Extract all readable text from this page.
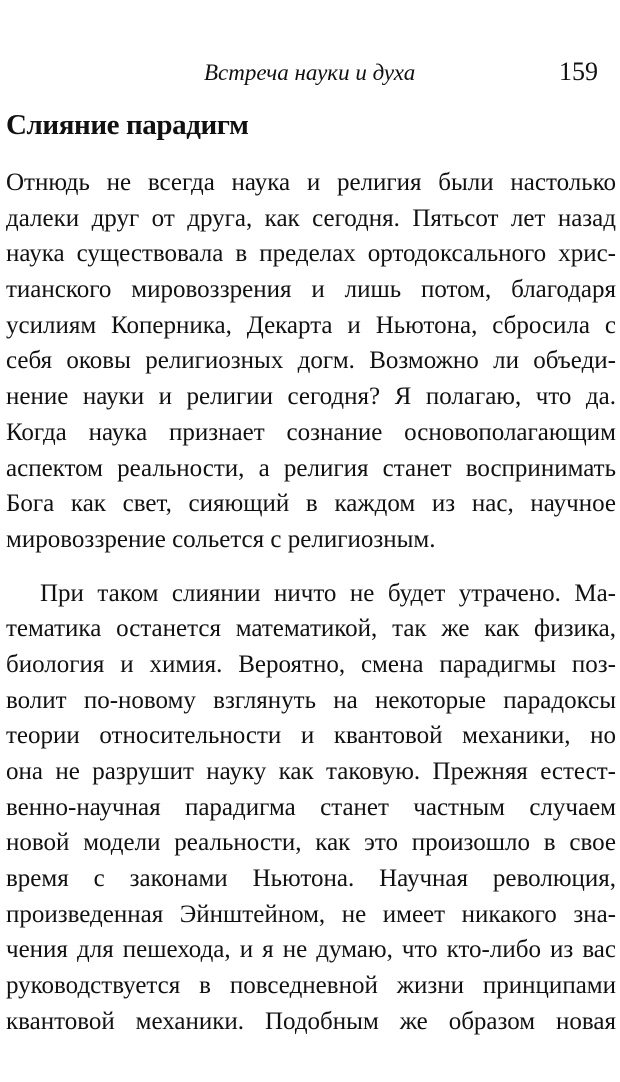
Встреча науки и духа	159
Слияние парадигм

Отнюдь не всегда наука и религия были настолько
далеки друг от друга, как сегодня. Пятьсот лет назад
наука существовала в пределах ортодоксального хрис-
тианского мировоззрения и лишь потом, благодаря
усилиям Коперника, Декарта и Ньютона, сбросила с
себя оковы религиозных догм. Возможно ли объеди-
нение науки и религии сегодня? Я полагаю, что да.
Когда наука признает сознание основополагающим
аспектом реальности, а религия станет воспринимать
Бога как свет, сияющий в каждом из нас, научное
мировоззрение сольется с религиозным.

При таком слиянии ничто не будет утрачено. Ма-
тематика останется математикой, так же как физика,
биология и химия. Вероятно, смена парадигмы поз-
волит по-новому взглянуть на некоторые парадоксы
теории относительности и квантовой механики, но
она не разрушит науку как таковую. Прежняя естест-
венно-научная парадигма станет частным случаем
новой модели реальности, как это произошло в свое
время с законами Ньютона. Научная революция,
произведенная Эйнштейном, не имеет никакого зна-
чения для пешехода, и я не думаю, что кто-либо из вас
руководствуется в повседневной жизни принципами
квантовой механики. Подобным же образом новая
